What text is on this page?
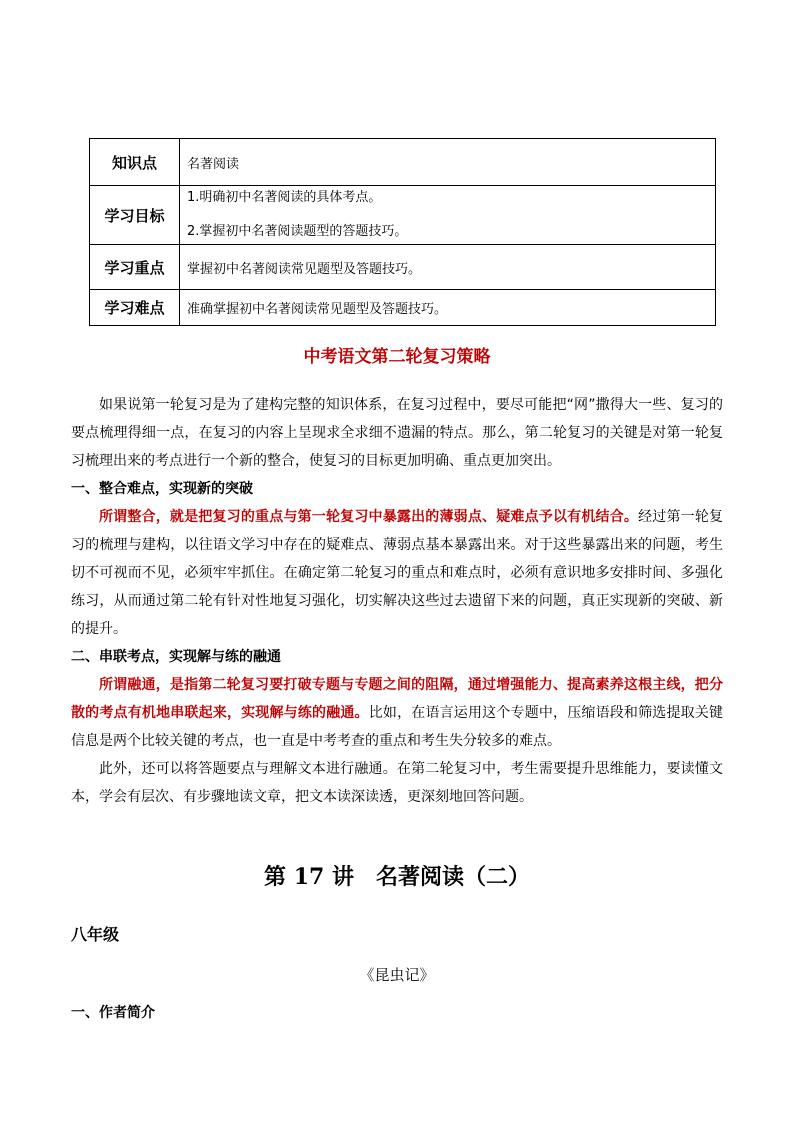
知识点	名著阅读
学习目标	1.明确初中名著阅读的具体考点。
2.掌握初中名著阅读题型的答题技巧。

学习重点	掌握初中名著阅读常见题型及答题技巧。
学习难点	准确掌握初中名著阅读常见题型及答题技巧。
中考语文第二轮复习策略

如果说第一轮复习是为了建构完整的知识体系，在复习过程中，要尽可能把“网”撒得大一些、复习的要点梳理得细一点，在复习的内容上呈现求全求细不遗漏的特点。那么，第二轮复习的关键是对第一轮复习梳理出来的考点进行一个新的整合，使复习的目标更加明确、重点更加突出。

一、整合难点，实现新的突破

所谓整合，就是把复习的重点与第一轮复习中暴露出的薄弱点、疑难点予以有机结合。经过第一轮复习的梳理与建构，以往语文学习中存在的疑难点、薄弱点基本暴露出来。对于这些暴露出来的问题，考生切不可视而不见，必须牢牢抓住。在确定第二轮复习的重点和难点时，必须有意识地多安排时间、多强化练习，从而通过第二轮有针对性地复习强化，切实解决这些过去遗留下来的问题，真正实现新的突破、新的提升。

二、串联考点，实现解与练的融通

所谓融通，是指第二轮复习要打破专题与专题之间的阻隔，通过增强能力、提高素养这根主线，把分散的考点有机地串联起来，实现解与练的融通。比如，在语言运用这个专题中，压缩语段和筛选提取关键信息是两个比较关键的考点，也一直是中考考查的重点和考生失分较多的难点。

此外，还可以将答题要点与理解文本进行融通。在第二轮复习中，考生需要提升思维能力，要读懂文本，学会有层次、有步骤地读文章，把文本读深读透，更深刻地回答问题。

第 17 讲　名著阅读（二）
八年级
《昆虫记》
一、作者简介
